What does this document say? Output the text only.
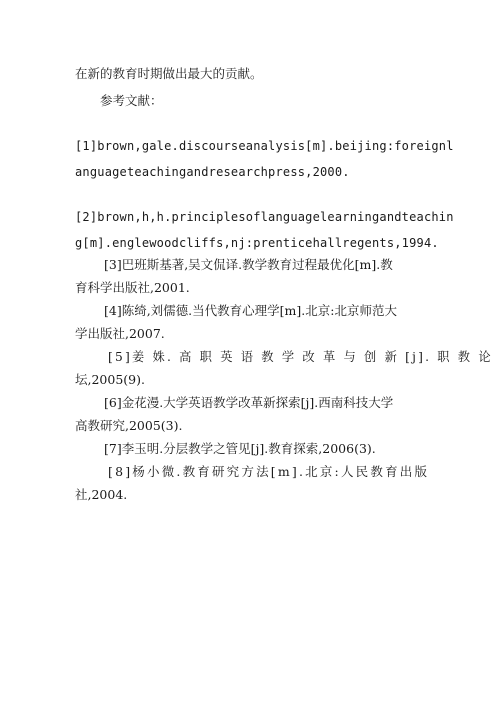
在新的教育时期做出最大的贡献。
参考文献：
[1]brown,gale.discourseanalysis[m].beijing:foreignl
anguageteachingandresearchpress,2000.
[2]brown,h,h.principlesoflanguagelearningandteachin
g[m].englewoodcliffs,nj:prenticehallregents,1994.
[3]巴班斯基著,吴文侃译.教学教育过程最优化[m].教
育科学出版社,2001.
[4]陈绮,刘儒德.当代教育心理学[m].北京:北京师范大
学出版社,2007.
[5]姜 姝. 高 职 英 语 教 学 改 革 与 创 新 [j]. 职 教 论
坛,2005(9).
[6]金花漫.大学英语教学改革新探索[j].西南科技大学
高教研究,2005(3).
[7]李玉明.分层教学之管见[j].教育探索,2006(3).
[8]杨小微.教育研究方法[m].北京:人民教育出版
社,2004.
